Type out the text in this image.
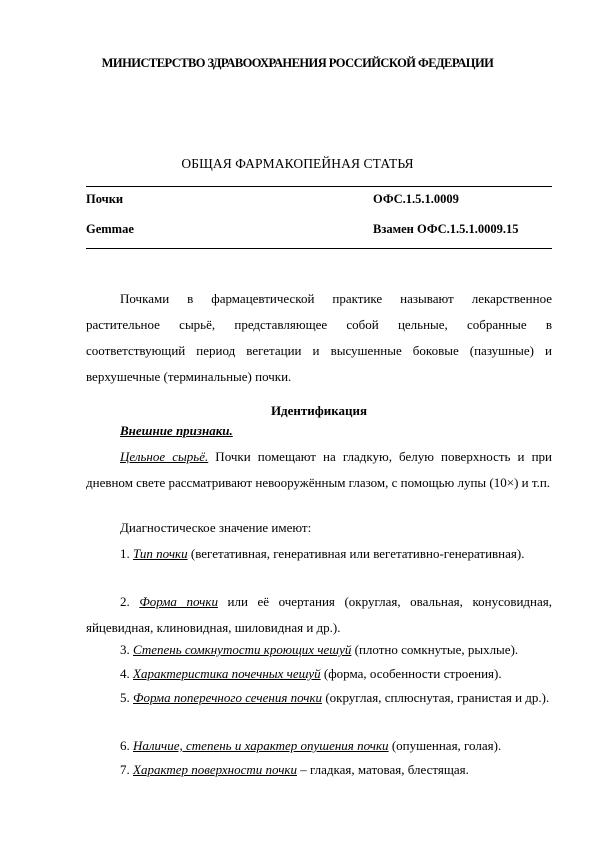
МИНИСТЕРСТВО ЗДРАВООХРАНЕНИЯ РОССИЙСКОЙ ФЕДЕРАЦИИ
ОБЩАЯ ФАРМАКОПЕЙНАЯ СТАТЬЯ
Почки	ОФС.1.5.1.0009
Gemmae	Взамен ОФС.1.5.1.0009.15
Почками в фармацевтической практике называют лекарственное растительное сырьё, представляющее собой цельные, собранные в соответствующий период вегетации и высушенные боковые (пазушные) и верхушечные (терминальные) почки.
Идентификация
Внешние признаки.
Цельное сырьё. Почки помещают на гладкую, белую поверхность и при дневном свете рассматривают невооружённым глазом, с помощью лупы (10×) и т.п.
Диагностическое значение имеют:
1. Тип почки (вегетативная, генеративная или вегетативно-генеративная).
2. Форма почки или её очертания (округлая, овальная, конусовидная, яйцевидная, клиновидная, шиловидная и др.).
3. Степень сомкнутости кроющих чешуй (плотно сомкнутые, рыхлые).
4. Характеристика почечных чешуй (форма, особенности строения).
5. Форма поперечного сечения почки (округлая, сплюснутая, гранистая и др.).
6. Наличие, степень и характер опушения почки (опушенная, голая).
7. Характер поверхности почки – гладкая, матовая, блестящая.
